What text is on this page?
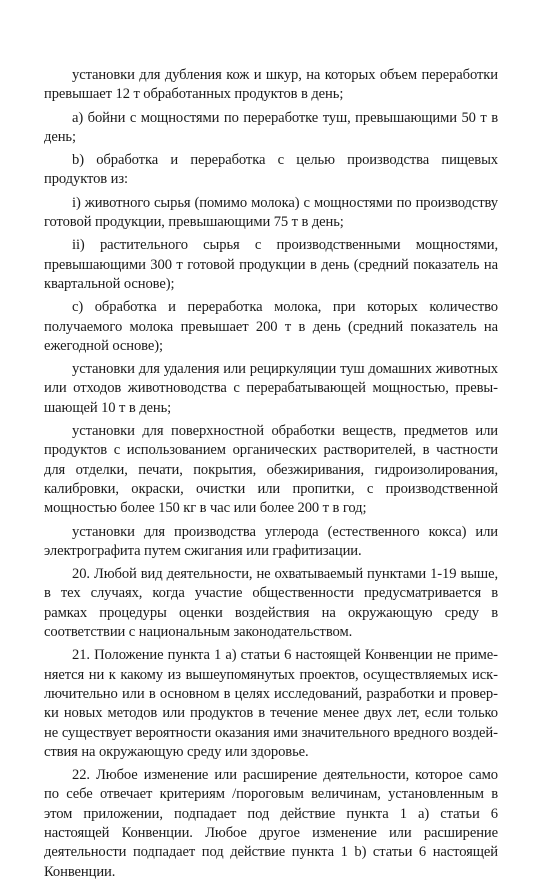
установки для дубления кож и шкур, на которых объем переработки превышает 12 т обработанных продуктов в день;

a) бойни с мощностями по переработке туш, превышающими 50 т в день;

b) обработка и переработка с целью производства пищевых продуктов из:

i) животного сырья (помимо молока) с мощностями по производству готовой продукции, превышающими 75 т в день;

ii) растительного сырья с производственными мощностями, превышающими 300 т готовой продукции в день (средний показатель на квартальной основе);

c) обработка и переработка молока, при которых количество получаемого молока превышает 200 т в день (средний показатель на ежегодной основе);

установки для удаления или рециркуляции туш домашних животных или отходов животноводства с перерабатывающей мощностью, превышающей 10 т в день;

установки для поверхностной обработки веществ, предметов или продуктов с использованием органических растворителей, в частности для отделки, печати, покрытия, обезжиривания, гидроизолирования, калибровки, окраски, очистки или пропитки, с производственной мощностью более 150 кг в час или более 200 т в год;

установки для производства углерода (естественного кокса) или электрографита путем сжигания или графитизации.

20. Любой вид деятельности, не охватываемый пунктами 1-19 выше, в тех случаях, когда участие общественности предусматривается в рамках процедуры оценки воздействия на окружающую среду в соответствии с национальным законодательством.

21. Положение пункта 1 а) статьи 6 настоящей Конвенции не применяется ни к какому из вышеупомянутых проектов, осуществляемых исключительно или в основном в целях исследований, разработки и проверки новых методов или продуктов в течение менее двух лет, если только не существует вероятности оказания ими значительного вредного воздействия на окружающую среду или здоровье.

22. Любое изменение или расширение деятельности, которое само по себе отвечает критериям /пороговым величинам, установленным в этом приложении, подпадает под действие пункта 1 а) статьи 6 настоящей Конвенции. Любое другое изменение или расширение деятельности подпадает под действие пункта 1 b) статьи 6 настоящей Конвенции.
